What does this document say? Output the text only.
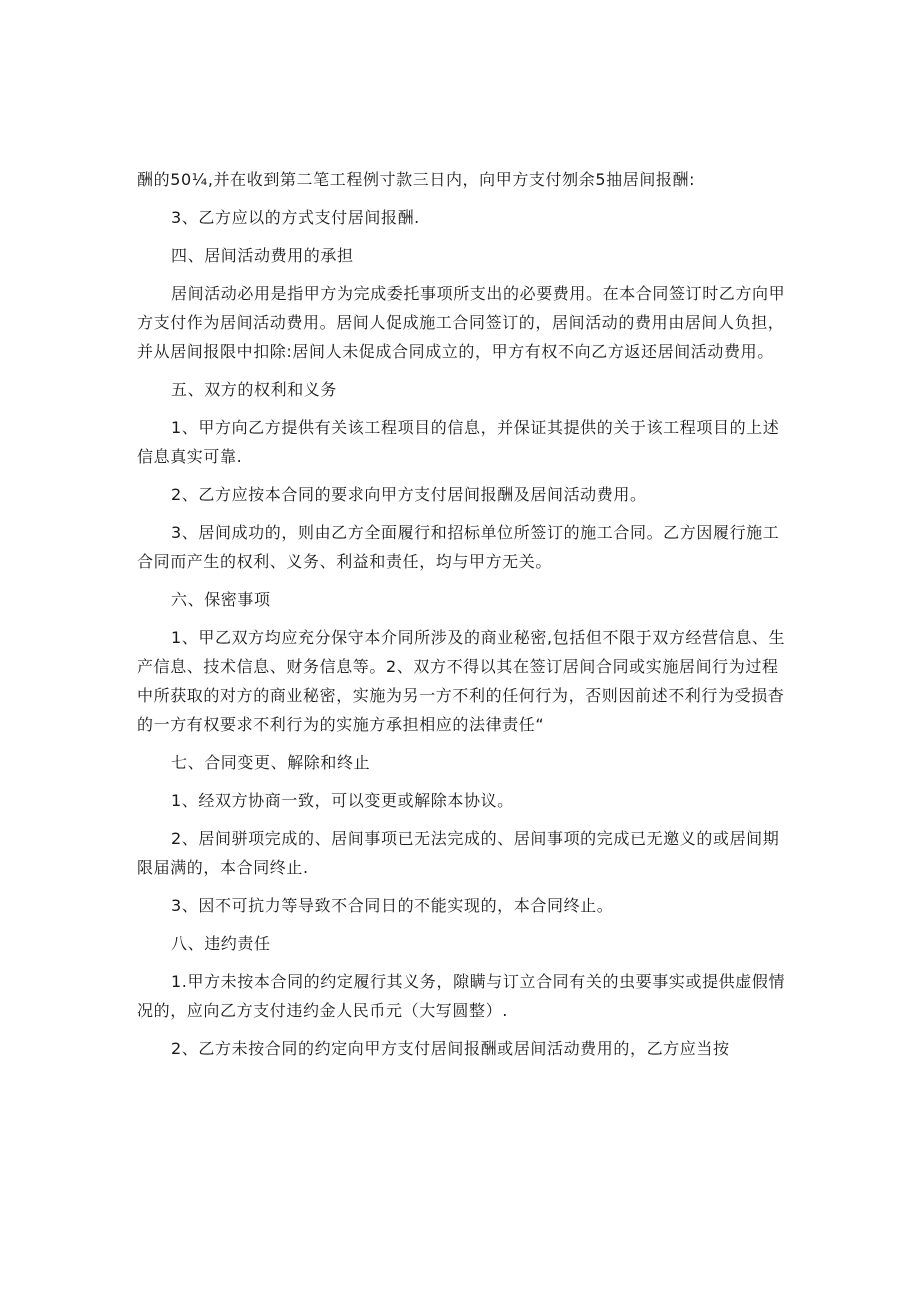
酬的50¼,并在收到第二笔工程例寸款三日内，向甲方支付刎余5抽居间报酬:

3、乙方应以的方式支付居间报酬.

四、居间活动费用的承担

居间活动必用是指甲方为完成委托事项所支出的必要费用。在本合同签订时乙方向甲方支付作为居间活动费用。居间人促成施工合同签订的，居间活动的费用由居间人负担，并从居间报限中扣除:居间人未促成合同成立的，甲方有权不向乙方返还居间活动费用。

五、双方的权利和义务

1、甲方向乙方提供有关该工程项目的信息，并保证其提供的关于该工程项目的上述信息真实可靠.

2、乙方应按本合同的要求向甲方支付居间报酬及居间活动费用。

3、居间成功的，则由乙方全面履行和招标单位所签订的施工合同。乙方因履行施工合同而产生的权利、义务、利益和责任，均与甲方无关。

六、保密事项

1、甲乙双方均应充分保守本介同所涉及的商业秘密,包括但不限于双方经营信息、生产信息、技术信息、财务信息等。2、双方不得以其在签订居间合同或实施居间行为过程中所获取的对方的商业秘密，实施为另一方不利的任何行为，否则因前述不利行为受损杳的一方有权要求不利行为的实施方承担相应的法律责任“

七、合同变更、解除和终止

1、经双方协商一致，可以变更或解除本协议。

2、居间骈项完成的、居间事项已无法完成的、居间事项的完成已无邀义的或居间期限届满的，本合同终止.

3、因不可抗力等导致不合同日的不能实现的，本合同终止。

八、违约责任

1.甲方未按本合同的约定履行其义务，隙瞒与订立合同有关的虫要事实或提供虚假情况的，应向乙方支付违约金人民币元（大写圆整）.

2、乙方未按合同的约定向甲方支付居间报酬或居间活动费用的，乙方应当按
